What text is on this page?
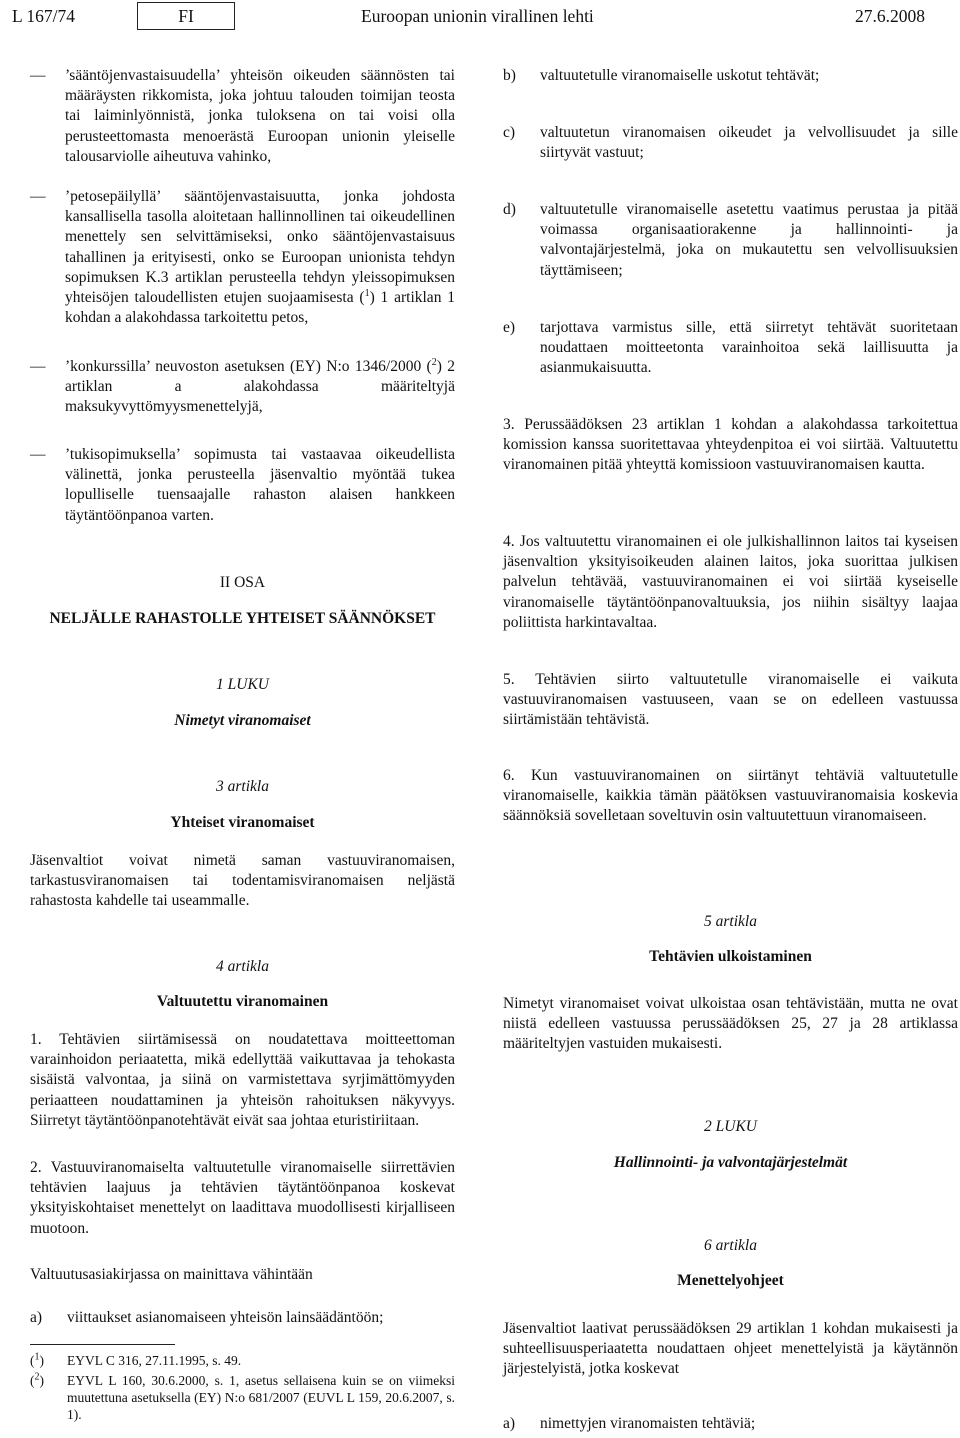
L 167/74	FI	Euroopan unionin virallinen lehti	27.6.2008
— ’sääntöjenvastaisuudella’ yhteisön oikeuden säännösten tai määräysten rikkomista, joka johtuu talouden toimijan teosta tai laiminlyönnistä, jonka tuloksena on tai voisi olla perusteettomasta menoerästä Euroopan unionin yleiselle talousarviolle aiheutuva vahinko,
— ’petosepäilyllä’ sääntöjenvastaisuutta, jonka johdosta kansallisella tasolla aloitetaan hallinnollinen tai oikeudellinen menettely sen selvittämiseksi, onko sääntöjenvastaisuus tahallinen ja erityisesti, onko se Euroopan unionista tehdyn sopimuksen K.3 artiklan perusteella tehdyn yleissopimuksen yhteisöjen taloudellisten etujen suojaamisesta ($^1$) 1 artiklan 1 kohdan a alakohdassa tarkoitettu petos,
— ’konkurssilla’ neuvoston asetuksen (EY) N:o 1346/2000 ($^2$) 2 artiklan a alakohdassa määriteltyjä maksukyvyttömyysmenettelyjä,
— ’tukisopimuksella’ sopimusta tai vastaavaa oikeudellista välinettä, jonka perusteella jäsenvaltio myöntää tukea lopulliselle tuensaajalle rahaston alaisen hankkeen täytäntöönpanoa varten.
II OSA
NELJÄLLE RAHASTOLLE YHTEISET SÄÄNNÖKSET
1 LUKU
Nimetyt viranomaiset
3 artikla
Yhteiset viranomaiset
Jäsenvaltiot voivat nimetä saman vastuuviranomaisen, tarkastusviranomaisen tai todentamisviranomaisen neljästä rahastosta kahdelle tai useammalle.
4 artikla
Valtuutettu viranomainen
1. Tehtävien siirtämisessä on noudatettava moitteettoman varainhoidon periaatetta, mikä edellyttää vaikuttavaa ja tehokasta sisäistä valvontaa, ja siinä on varmistettava syrjimättömyyden periaatteen noudattaminen ja yhteisön rahoituksen näkyvyys. Siirretyt täytäntöönpanotehtävät eivät saa johtaa eturistiriitaan.
2. Vastuuviranomaiselta valtuutetulle viranomaiselle siirrettävien tehtävien laajuus ja tehtävien täytäntöönpanoa koskevat yksityiskohtaiset menettelyt on laadittava muodollisesti kirjalliseen muotoon.
Valtuutusasiakirjassa on mainittava vähintään
a) viittaukset asianomaiseen yhteisön lainsäädäntöön;
($^1$) EYVL C 316, 27.11.1995, s. 49.
($^2$) EYVL L 160, 30.6.2000, s. 1, asetus sellaisena kuin se on viimeksi muutettuna asetuksella (EY) N:o 681/2007 (EUVL L 159, 20.6.2007, s. 1).
b) valtuutetulle viranomaiselle uskotut tehtävät;
c) valtuutetun viranomaisen oikeudet ja velvollisuudet ja sille siirtyvät vastuut;
d) valtuutetulle viranomaiselle asetettu vaatimus perustaa ja pitää voimassa organisaatiorakenne ja hallinnointi- ja valvontajärjestelmä, joka on mukautettu sen velvollisuuksien täyttämiseen;
e) tarjottava varmistus sille, että siirretyt tehtävät suoritetaan noudattaen moitteetonta varainhoitoa sekä laillisuutta ja asianmukaisuutta.
3. Perussäädöksen 23 artiklan 1 kohdan a alakohdassa tarkoitettua komission kanssa suoritettavaa yhteydenpitoa ei voi siirtää. Valtuutettu viranomainen pitää yhteyttä komissioon vastuuviranomaisen kautta.
4. Jos valtuutettu viranomainen ei ole julkishallinnon laitos tai kyseisen jäsenvaltion yksityisoikeuden alainen laitos, joka suorittaa julkisen palvelun tehtävää, vastuuviranomainen ei voi siirtää kyseiselle viranomaiselle täytäntöönpanovaltuuksia, jos niihin sisältyy laajaa poliittista harkintavaltaa.
5. Tehtävien siirto valtuutetulle viranomaiselle ei vaikuta vastuuviranomaisen vastuuseen, vaan se on edelleen vastuussa siirtämistään tehtävistä.
6. Kun vastuuviranomainen on siirtänyt tehtäviä valtuutetulle viranomaiselle, kaikkia tämän päätöksen vastuuviranomaisia koskevia säännöksiä sovelletaan soveltuvin osin valtuutettuun viranomaiseen.
5 artikla
Tehtävien ulkoistaminen
Nimetyt viranomaiset voivat ulkoistaa osan tehtävistään, mutta ne ovat niistä edelleen vastuussa perussäädöksen 25, 27 ja 28 artiklassa määriteltyjen vastuiden mukaisesti.
2 LUKU
Hallinnointi- ja valvontajärjestelmät
6 artikla
Menettelyohjeet
Jäsenvaltiot laativat perussäädöksen 29 artiklan 1 kohdan mukaisesti ja suhteellisuusperiaatetta noudattaen ohjeet menettelyistä ja käytännön järjestelyistä, jotka koskevat
a) nimettyjen viranomaisten tehtäviä;
